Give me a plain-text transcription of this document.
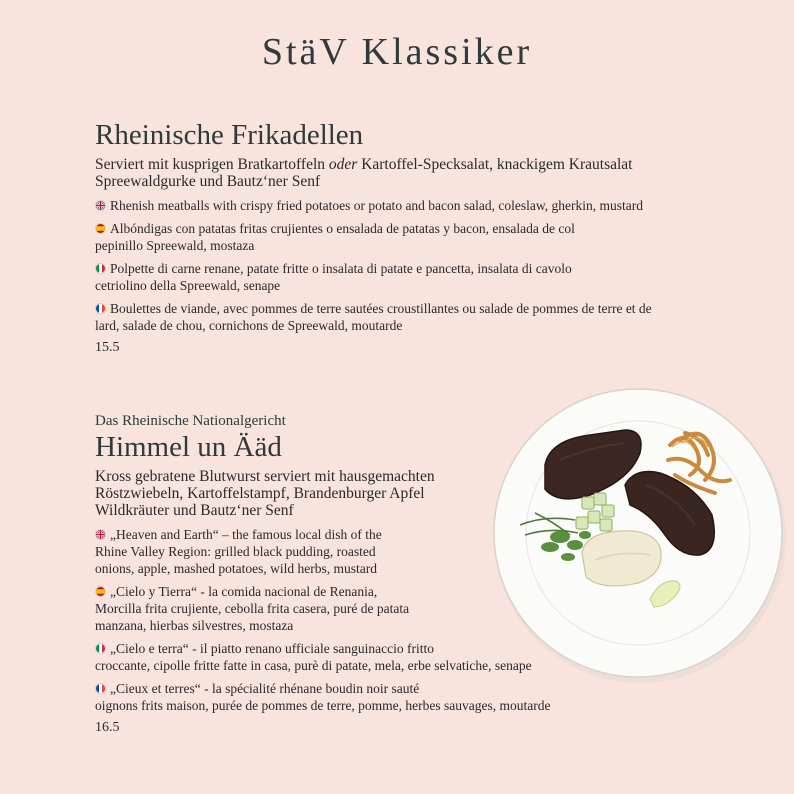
StäV Klassiker
Rheinische Frikadellen

Serviert mit kusprigen Bratkartoffeln oder Kartoffel-Specksalat, knackigem Krautsalat
Spreewaldgurke und Bautz‘ner Senf

Rhenish meatballs with crispy fried potatoes or potato and bacon salad, coleslaw, gherkin, mustard

Albóndigas con patatas fritas crujientes o ensalada de patatas y bacon, ensalada de col
pepinillo Spreewald, mostaza

Polpette di carne renane, patate fritte o insalata di patate e pancetta, insalata di cavolo
cetriolino della Spreewald, senape

Boulettes de viande, avec pommes de terre sautées croustillantes ou salade de pommes de terre et de
lard, salade de chou, cornichons de Spreewald, moutarde

15.5
Das Rheinische Nationalgericht
Himmel un Ääd

Kross gebratene Blutwurst serviert mit hausgemachten
Röstzwiebeln, Kartoffelstampf, Brandenburger Apfel
Wildkräuter und Bautz‘ner Senf

„Heaven and Earth“ – the famous local dish of the
Rhine Valley Region: grilled black pudding, roasted
onions, apple, mashed potatoes, wild herbs, mustard

„Cielo y Tierra“ - la comida nacional de Renania,
Morcilla frita crujiente, cebolla frita casera, puré de patata
manzana, hierbas silvestres, mostaza

„Cielo e terra“ - il piatto renano ufficiale sanguinaccio fritto
croccante, cipolle fritte fatte in casa, purè di patate, mela, erbe selvatiche, senape

„Cieux et terres“ - la spécialité rhénane boudin noir sauté
oignons frits maison, purée de pommes de terre, pomme, herbes sauvages, moutarde

16.5
